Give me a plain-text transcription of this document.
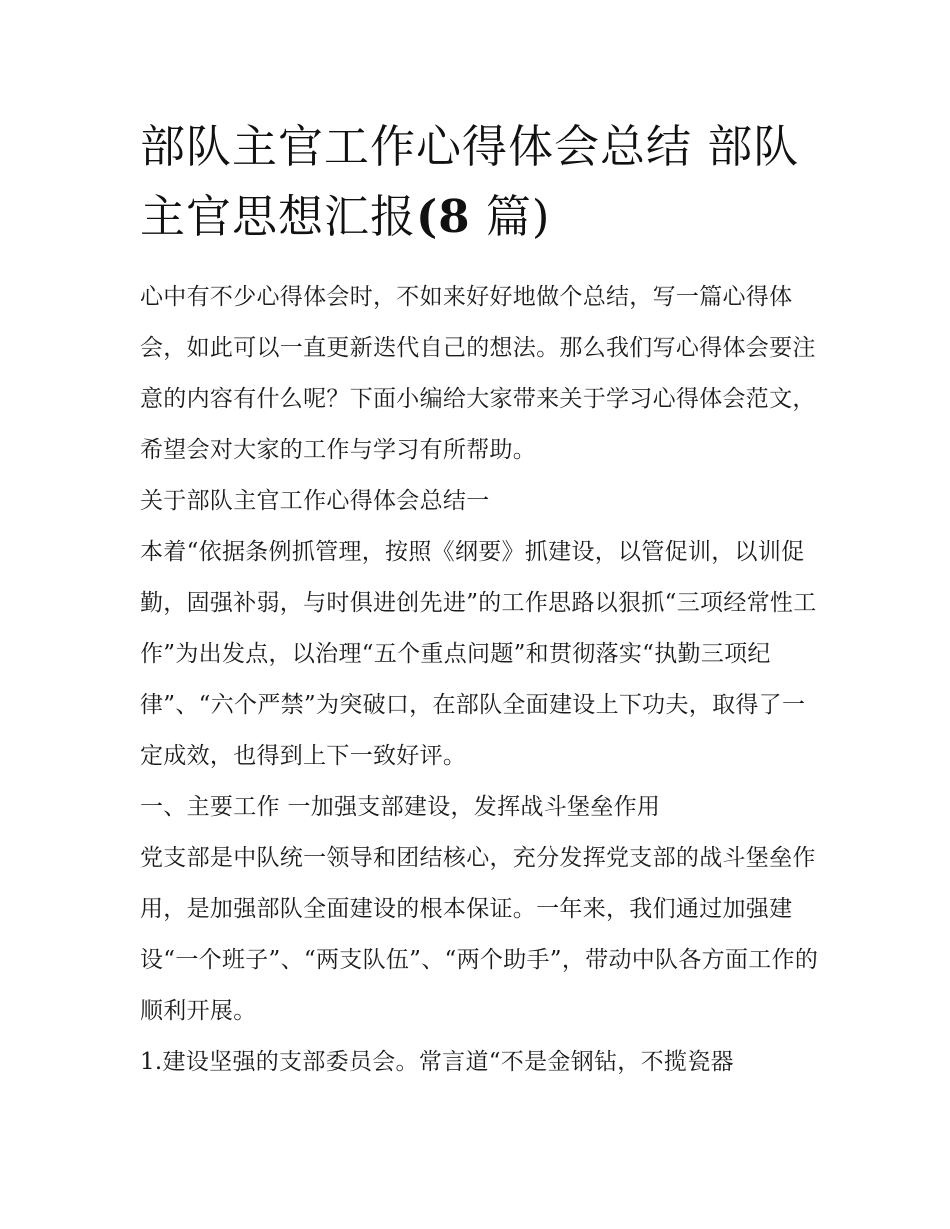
部队主官工作心得体会总结 部队主官思想汇报(8 篇)

心中有不少心得体会时，不如来好好地做个总结，写一篇心得体会，如此可以一直更新迭代自己的想法。那么我们写心得体会要注意的内容有什么呢？下面小编给大家带来关于学习心得体会范文，希望会对大家的工作与学习有所帮助。

关于部队主官工作心得体会总结一

本着“依据条例抓管理，按照《纲要》抓建设，以管促训，以训促勤，固强补弱，与时俱进创先进”的工作思路以狠抓“三项经常性工作”为出发点，以治理“五个重点问题”和贯彻落实“执勤三项纪律”、“六个严禁”为突破口，在部队全面建设上下功夫，取得了一定成效，也得到上下一致好评。

一、主要工作 一加强支部建设，发挥战斗堡垒作用

党支部是中队统一领导和团结核心，充分发挥党支部的战斗堡垒作用，是加强部队全面建设的根本保证。一年来，我们通过加强建设“一个班子”、“两支队伍”、“两个助手”，带动中队各方面工作的顺利开展。

1.建设坚强的支部委员会。常言道“不是金钢钻，不揽瓷器
